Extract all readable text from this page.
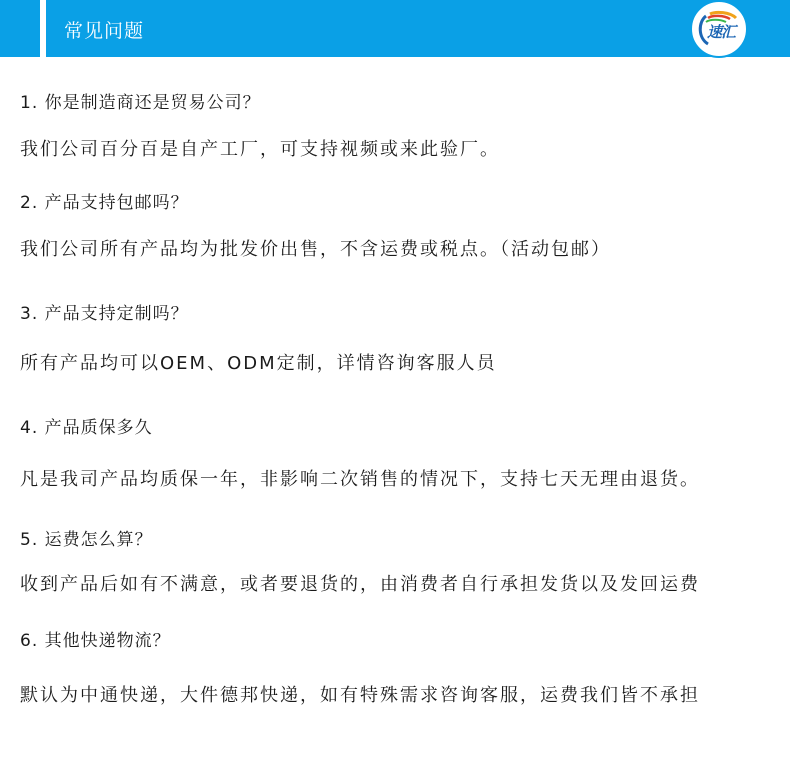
常见问题	速汇

1. 你是制造商还是贸易公司？

我们公司百分百是自产工厂，可支持视频或来此验厂。

2. 产品支持包邮吗？

我们公司所有产品均为批发价出售，不含运费或税点。（活动包邮）

3. 产品支持定制吗？

所有产品均可以OEM、ODM定制，详情咨询客服人员

4. 产品质保多久

凡是我司产品均质保一年，非影响二次销售的情况下，支持七天无理由退货。

5. 运费怎么算？

收到产品后如有不满意，或者要退货的，由消费者自行承担发货以及发回运费

6. 其他快递物流？

默认为中通快递，大件德邦快递，如有特殊需求咨询客服，运费我们皆不承担
